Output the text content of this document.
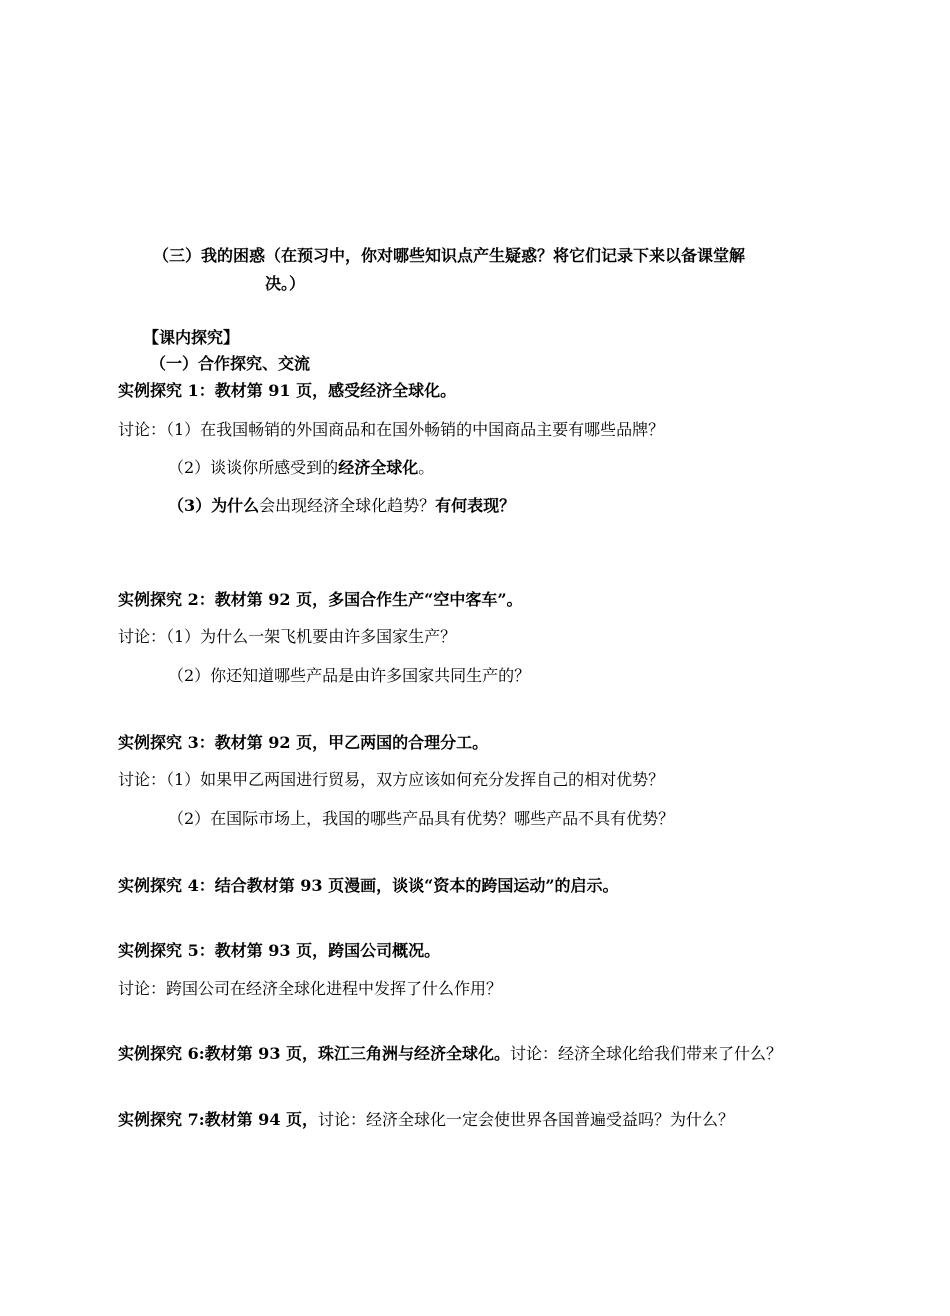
（三）我的困惑（在预习中，你对哪些知识点产生疑惑？将它们记录下来以备课堂解
决。）
【课内探究】
（一）合作探究、交流
实例探究 1：教材第 91 页，感受经济全球化。
讨论：（1）在我国畅销的外国商品和在国外畅销的中国商品主要有哪些品牌？
（2）谈谈你所感受到的经济全球化。
（3）为什么会出现经济全球化趋势？有何表现？
实例探究 2：教材第 92 页，多国合作生产“空中客车”。
讨论：（1）为什么一架飞机要由许多国家生产？
（2）你还知道哪些产品是由许多国家共同生产的？
实例探究 3：教材第 92 页，甲乙两国的合理分工。
讨论：（1）如果甲乙两国进行贸易，双方应该如何充分发挥自己的相对优势？
（2）在国际市场上，我国的哪些产品具有优势？哪些产品不具有优势？
实例探究 4：结合教材第 93 页漫画，谈谈“资本的跨国运动”的启示。
实例探究 5：教材第 93 页，跨国公司概况。
讨论：跨国公司在经济全球化进程中发挥了什么作用？
实例探究 6:教材第 93 页，珠江三角洲与经济全球化。讨论：经济全球化给我们带来了什么？
实例探究 7:教材第 94 页，讨论：经济全球化一定会使世界各国普遍受益吗？为什么？
